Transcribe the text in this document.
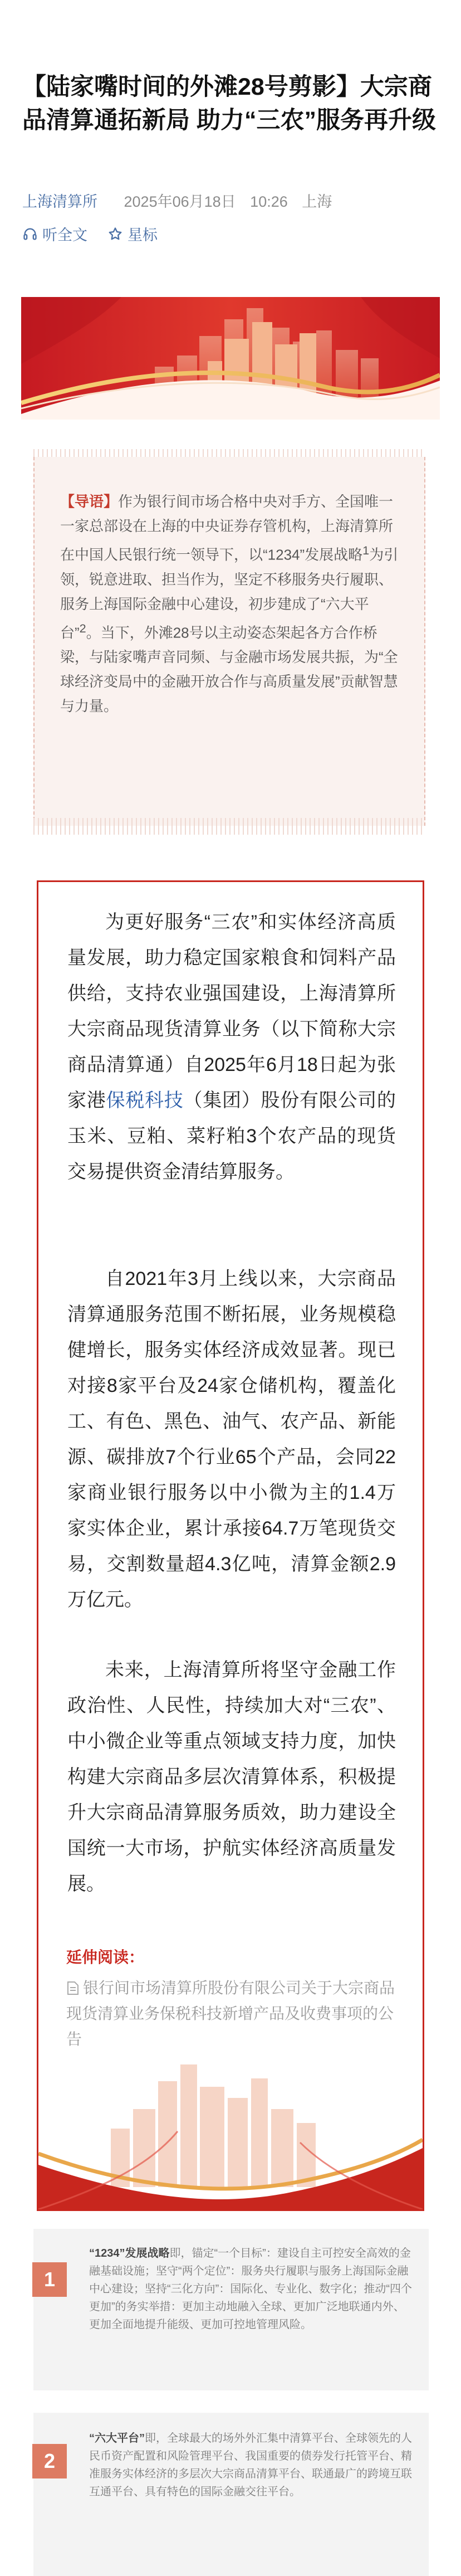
【陆家嘴时间的外滩28号剪影】大宗商品清算通拓新局 助力“三农”服务再升级
上海清算所 2025年06月18日 10:26 上海
听全文	星标

【导语】作为银行间市场合格中央对手方、全国唯一一家总部设在上海的中央证券存管机构，上海清算所在中国人民银行统一领导下，以“1234”发展战略$^1$为引领，锐意进取、担当作为，坚定不移服务央行履职、服务上海国际金融中心建设，初步建成了“六大平台”$^2$。当下，外滩28号以主动姿态架起各方合作桥梁，与陆家嘴声音同频、与金融市场发展共振，为“全球经济变局中的金融开放合作与高质量发展”贡献智慧与力量。

为更好服务“三农”和实体经济高质量发展，助力稳定国家粮食和饲料产品供给，支持农业强国建设，上海清算所大宗商品现货清算业务（以下简称大宗商品清算通）自2025年6月18日起为张家港保税科技（集团）股份有限公司的玉米、豆粕、菜籽粕3个农产品的现货交易提供资金清结算服务。

自2021年3月上线以来，大宗商品清算通服务范围不断拓展，业务规模稳健增长，服务实体经济成效显著。现已对接8家平台及24家仓储机构，覆盖化工、有色、黑色、油气、农产品、新能源、碳排放7个行业65个产品，会同22家商业银行服务以中小微为主的1.4万家实体企业，累计承接64.7万笔现货交易，交割数量超4.3亿吨，清算金额2.9万亿元。

未来，上海清算所将坚守金融工作政治性、人民性，持续加大对“三农”、中小微企业等重点领域支持力度，加快构建大宗商品多层次清算体系，积极提升大宗商品清算服务质效，助力建设全国统一大市场，护航实体经济高质量发展。

延伸阅读：
银行间市场清算所股份有限公司关于大宗商品现货清算业务保税科技新增产品及收费事项的公告
1

“1234”发展战略即，锚定“一个目标”：建设自主可控安全高效的金融基础设施；坚守“两个定位”：服务央行履职与服务上海国际金融中心建设；坚持“三化方向”：国际化、专业化、数字化；推动“四个更加”的务实举措：更加主动地融入全球、更加广泛地联通内外、更加全面地提升能级、更加可控地管理风险。

2

“六大平台”即，全球最大的场外外汇集中清算平台、全球领先的人民币资产配置和风险管理平台、我国重要的债券发行托管平台、精准服务实体经济的多层次大宗商品清算平台、联通最广的跨境互联互通平台、具有特色的国际金融交往平台。
